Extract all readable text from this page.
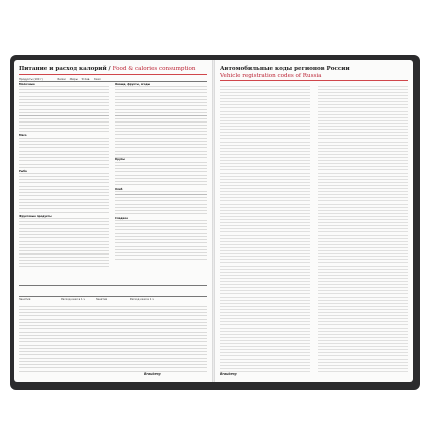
Питание и расход калорий / Food & calories consumption
Продукты (100 г)	Белки Жиры Углев. Ккал
Молочные
Мясо
Рыба
Фруктовые продукты
Овощи, фрукты, ягоды
Крупы
Хлеб
Сладкое
Занятия	Расход ккал в 1 ч	Занятия	Расход ккал в 1 ч
Brauberg
Автомобильные коды регионов России
Vehicle registration codes of Russia
Brauberg
